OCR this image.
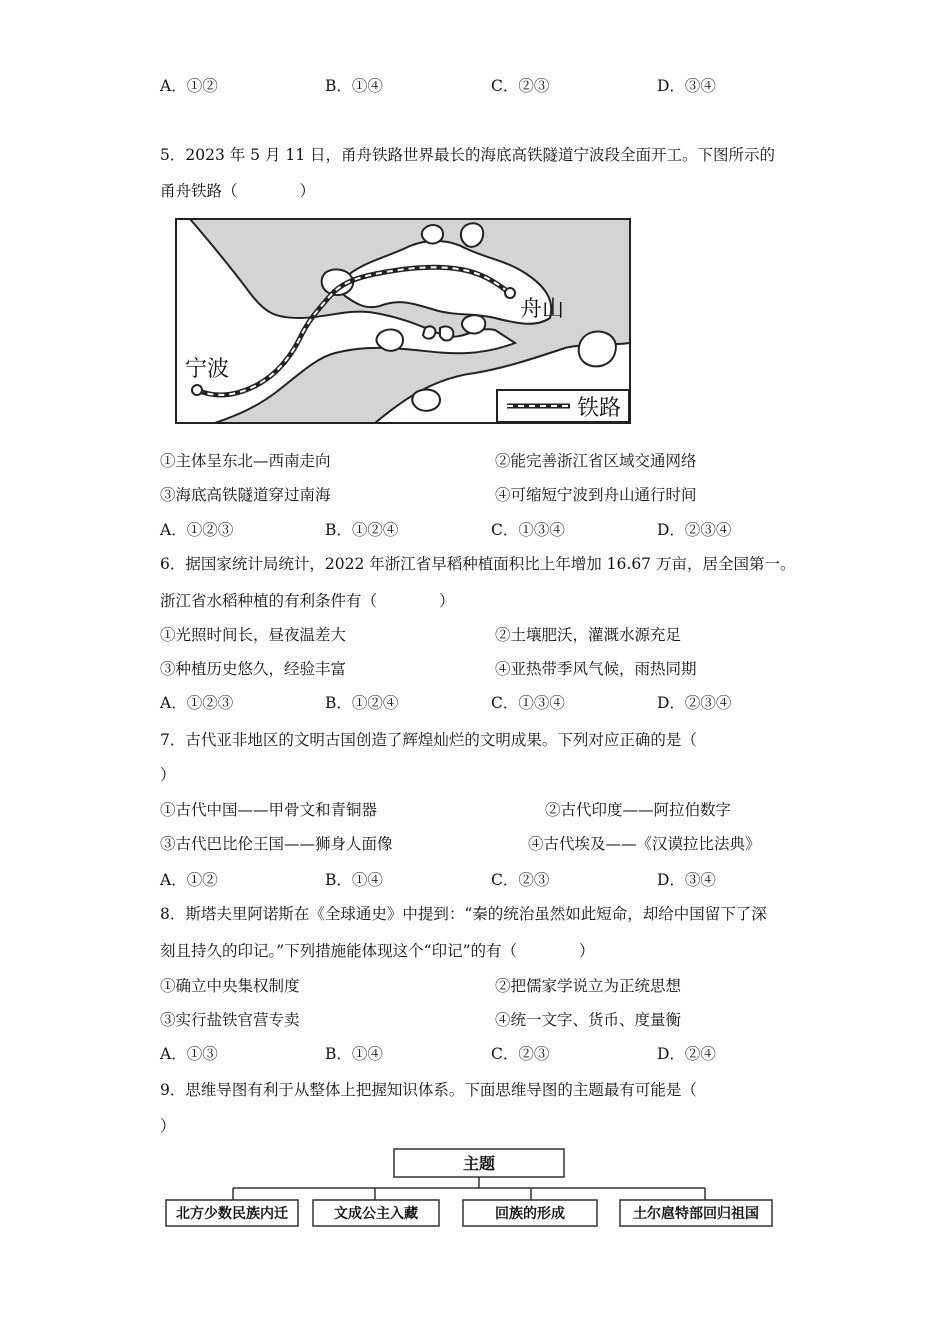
A．①②	B．①④	C．②③	D．③④
5．2023 年 5 月 11 日，甬舟铁路世界最长的海底高铁隧道宁波段全面开工。下图所示的
甬舟铁路（　　　　）
宁波
舟山
铁路
①主体呈东北—西南走向	②能完善浙江省区域交通网络
③海底高铁隧道穿过南海	④可缩短宁波到舟山通行时间
A．①②③	B．①②④	C．①③④	D．②③④
6．据国家统计局统计，2022 年浙江省早稻种植面积比上年增加 16.67 万亩，居全国第一。
浙江省水稻种植的有利条件有（　　　　）
①光照时间长，昼夜温差大	②土壤肥沃，灌溉水源充足
③种植历史悠久，经验丰富	④亚热带季风气候，雨热同期
A．①②③	B．①②④	C．①③④	D．②③④
7．古代亚非地区的文明古国创造了辉煌灿烂的文明成果。下列对应正确的是（
）
①古代中国——甲骨文和青铜器	②古代印度——阿拉伯数字
③古代巴比伦王国——狮身人面像	④古代埃及——《汉谟拉比法典》
A．①②	B．①④	C．②③	D．③④
8．斯塔夫里阿诺斯在《全球通史》中提到：“秦的统治虽然如此短命，却给中国留下了深
刻且持久的印记。”下列措施能体现这个“印记”的有（　　　　）
①确立中央集权制度	②把儒家学说立为正统思想
③实行盐铁官营专卖	④统一文字、货币、度量衡
A．①③	B．①④	C．②③	D．②④
9．思维导图有利于从整体上把握知识体系。下面思维导图的主题最有可能是（
）
主题
北方少数民族内迁	文成公主入藏	回族的形成	土尔扈特部回归祖国
